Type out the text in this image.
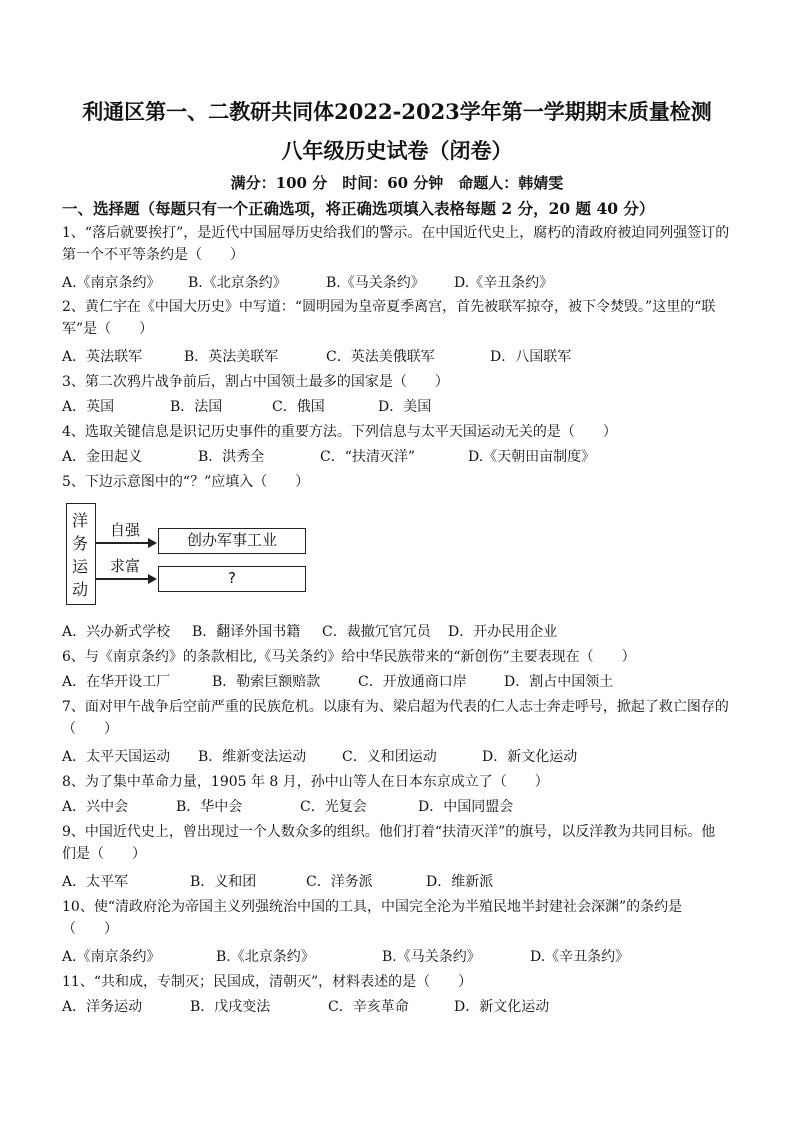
利通区第一、二教研共同体2022-2023学年第一学期期末质量检测
八年级历史试卷（闭卷）
满分：100 分　时间：60 分钟　命题人：韩婧雯
一、选择题（每题只有一个正确选项，将正确选项填入表格每题 2 分，20 题 40 分）
1、“落后就要挨打”，是近代中国屈辱历史给我们的警示。在中国近代史上，腐朽的清政府被迫同列强签订的
第一个不平等条约是（　　）
A.《南京条约》 B.《北京条约》	B.《马关条约》 D.《辛丑条约》
2、黄仁宇在《中国大历史》中写道：“圆明园为皇帝夏季离宫，首先被联军掠夺，被下令焚毁。”这里的“联
军”是（　　）
A．英法联军	B．英法美联军	C．英法美俄联军	D．八国联军
3、第二次鸦片战争前后，割占中国领土最多的国家是（　　）
A．英国	B．法国	C．俄国	D．美国
4、选取关键信息是识记历史事件的重要方法。下列信息与太平天国运动无关的是（　　）
A．金田起义	B．洪秀全	C．“扶清灭洋”	D.《天朝田亩制度》
5、下边示意图中的“？”应填入（　　）
洋
务
运
动
自强
创办军事工业
求富
?
A．兴办新式学校 B．翻译外国书籍 C．裁撤冗官冗员 D．开办民用企业
6、与《南京条约》的条款相比,《马关条约》给中华民族带来的“新创伤”主要表现在（　　）
A．在华开设工厂	B．勒索巨额赔款	C．开放通商口岸	D．割占中国领土
7、面对甲午战争后空前严重的民族危机。以康有为、梁启超为代表的仁人志士奔走呼号，掀起了救亡图存的
（　　）
A．太平天国运动 B．维新变法运动	C．义和团运动	D．新文化运动
8、为了集中革命力量，1905 年 8 月，孙中山等人在日本东京成立了（　　）
A．兴中会	B．华中会	C．光复会	D．中国同盟会
9、中国近代史上，曾出现过一个人数众多的组织。他们打着“扶清灭洋”的旗号，以反洋教为共同目标。他
们是（　　）
A．太平军	B．义和团	C．洋务派	D．维新派
10、使“清政府沦为帝国主义列强统治中国的工具，中国完全沦为半殖民地半封建社会深渊”的条约是
（　　）
A.《南京条约》	B.《北京条约》	B.《马关条约》	D.《辛丑条约》
11、“共和成，专制灭；民国成，清朝灭”，材料表述的是（　　）
A．洋务运动	B．戊戌变法	C．辛亥革命	D．新文化运动
